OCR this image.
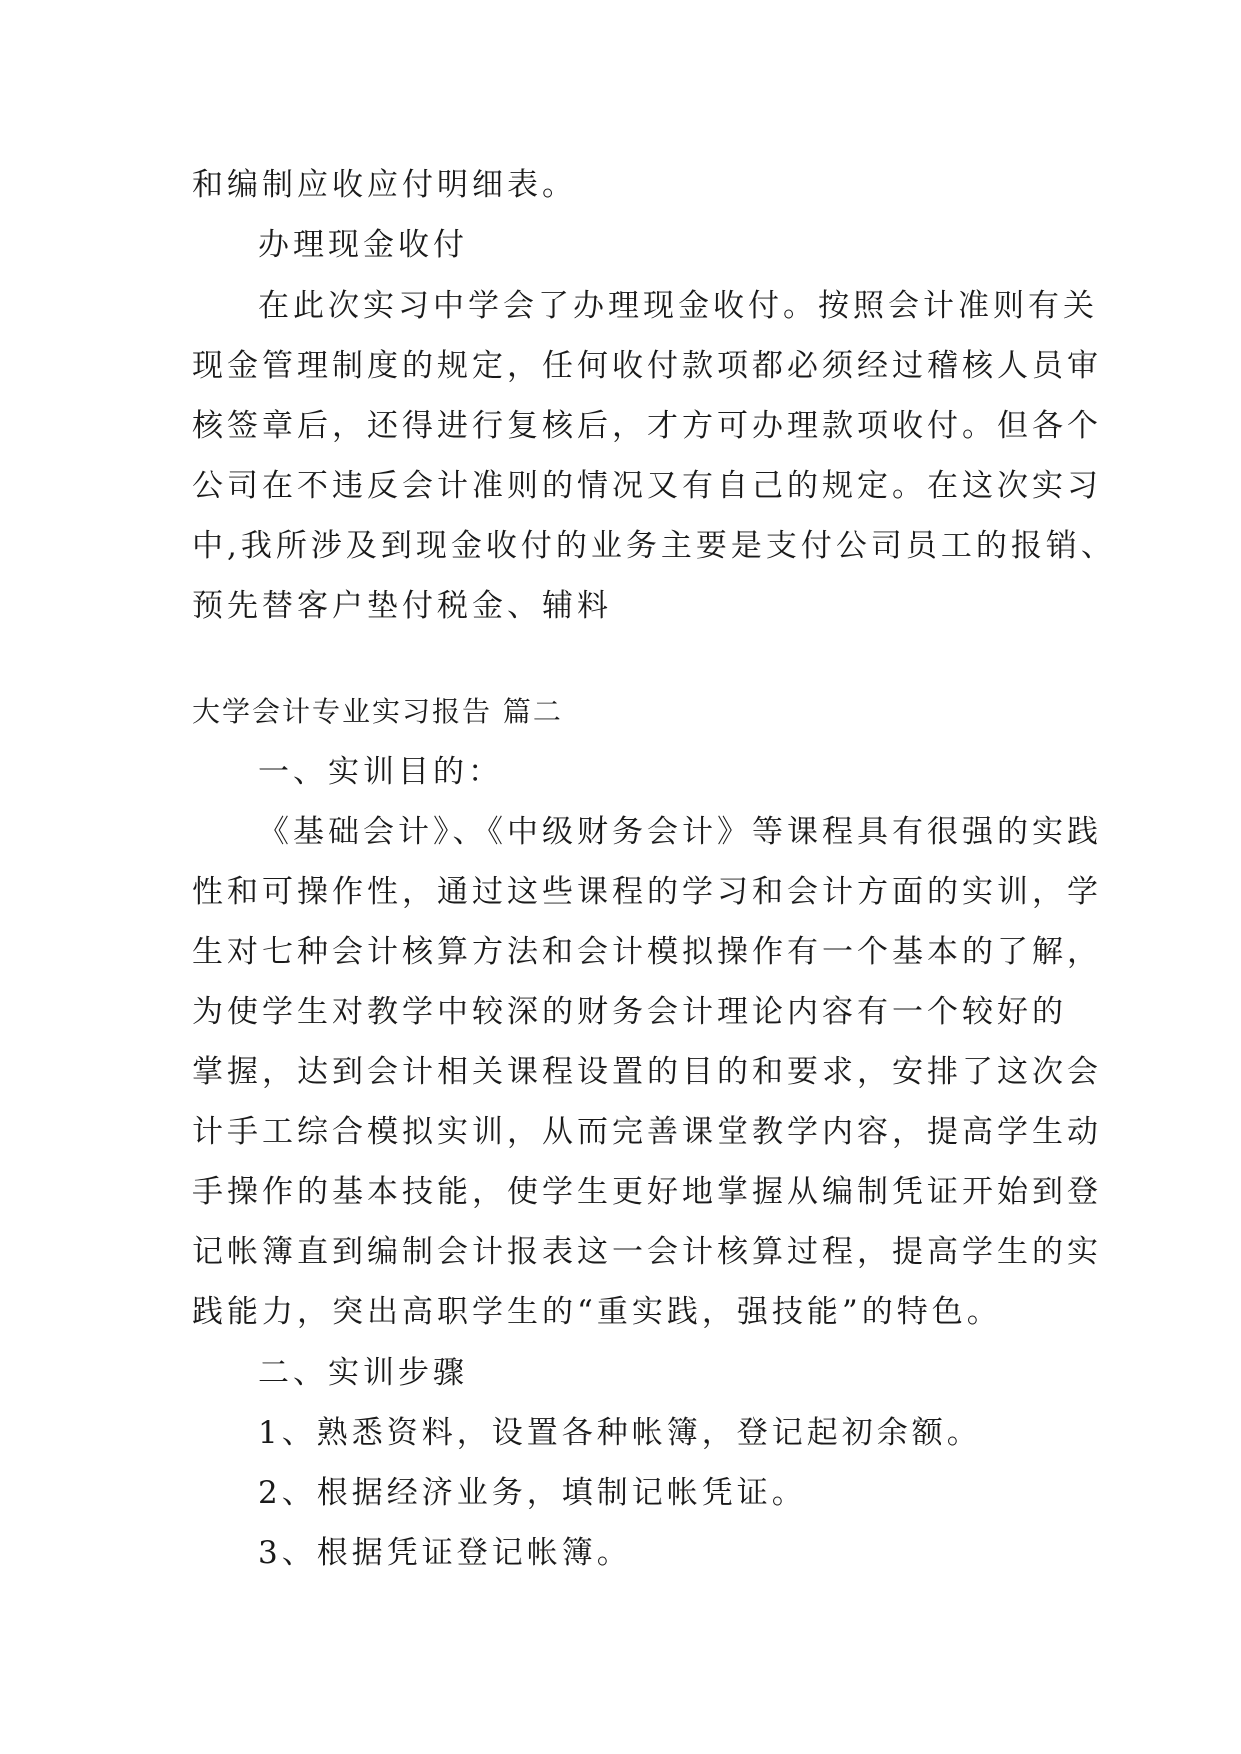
和编制应收应付明细表。
办理现金收付
在此次实习中学会了办理现金收付。按照会计准则有关
现金管理制度的规定，任何收付款项都必须经过稽核人员审
核签章后，还得进行复核后，才方可办理款项收付。但各个
公司在不违反会计准则的情况又有自己的规定。在这次实习
中,我所涉及到现金收付的业务主要是支付公司员工的报销、
预先替客户垫付税金、辅料
大学会计专业实习报告 篇二
一、实训目的：
《基础会计》、《中级财务会计》等课程具有很强的实践
性和可操作性，通过这些课程的学习和会计方面的实训，学
生对七种会计核算方法和会计模拟操作有一个基本的了解，
为使学生对教学中较深的财务会计理论内容有一个较好的
掌握，达到会计相关课程设置的目的和要求，安排了这次会
计手工综合模拟实训，从而完善课堂教学内容，提高学生动
手操作的基本技能，使学生更好地掌握从编制凭证开始到登
记帐簿直到编制会计报表这一会计核算过程，提高学生的实
践能力，突出高职学生的“重实践，强技能”的特色。
二、实训步骤
1、熟悉资料，设置各种帐簿，登记起初余额。
2、根据经济业务，填制记帐凭证。
3、根据凭证登记帐簿。
